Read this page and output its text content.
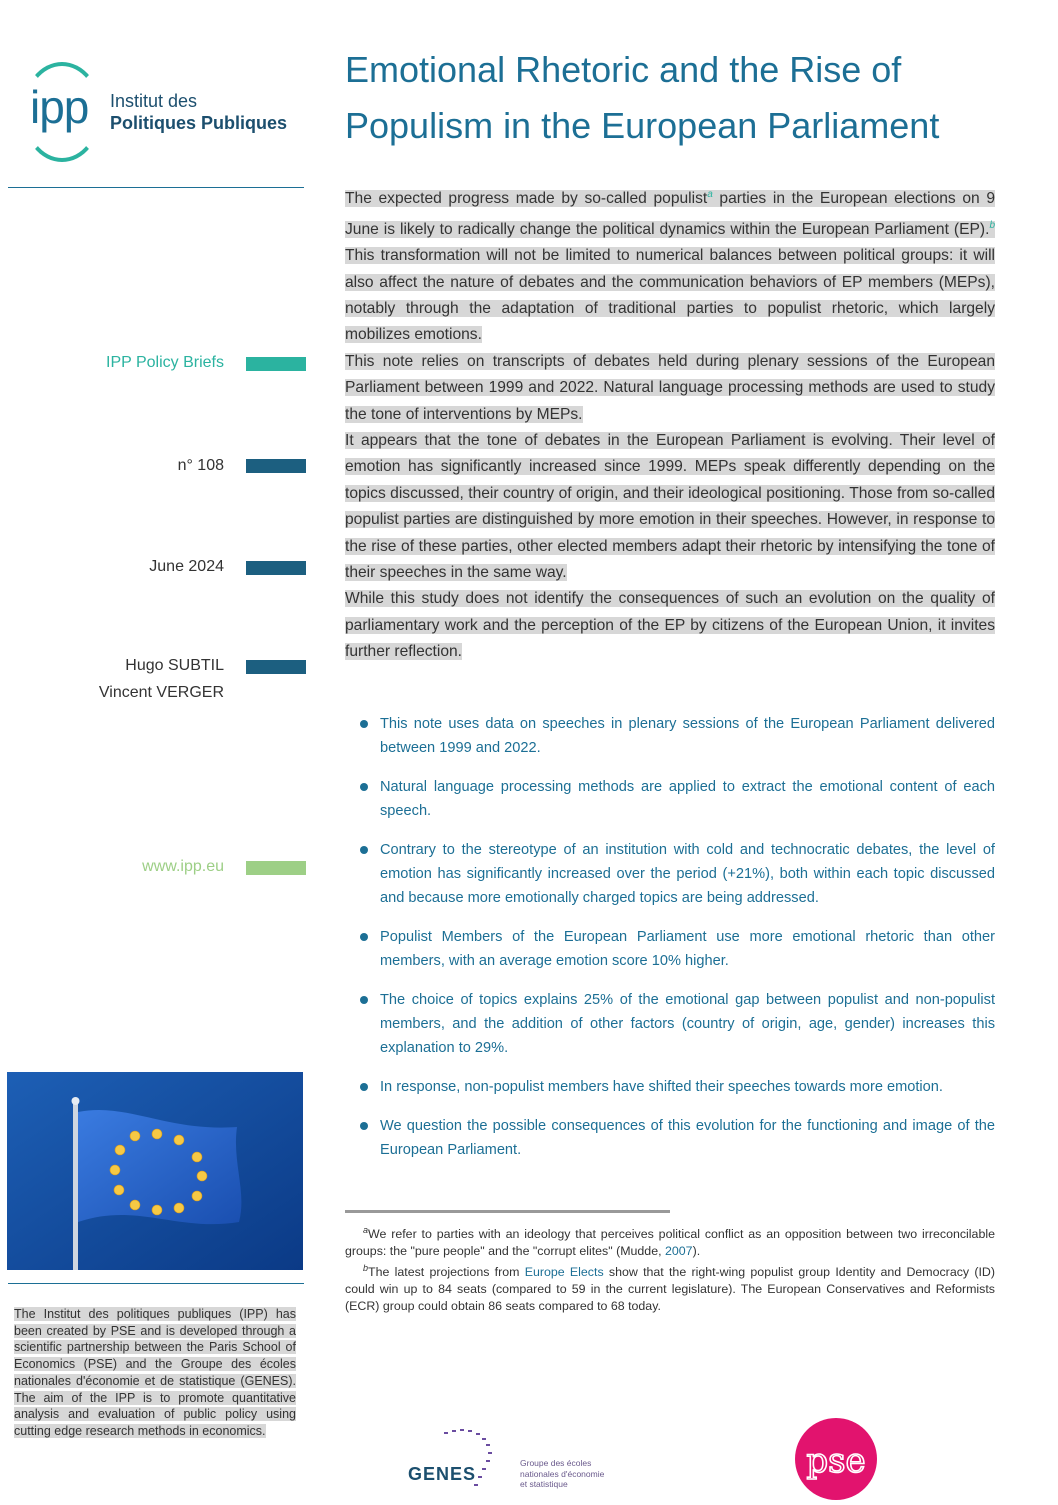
ipp Institut des
Politiques Publiques
IPP Policy Briefs
n° 108
June 2024
Hugo SUBTIL
Vincent VERGER
www.ipp.eu
Emotional Rhetoric and the Rise of Populism in the European Parliament

The expected progress made by so-called populist$^a$ parties in the European elections on 9 June is likely to radically change the political dynamics within the European Parliament (EP).$^b$ This transformation will not be limited to numerical balances between political groups: it will also affect the nature of debates and the communication behaviors of EP members (MEPs), notably through the adaptation of traditional parties to populist rhetoric, which largely mobilizes emotions.

This note relies on transcripts of debates held during plenary sessions of the European Parliament between 1999 and 2022. Natural language processing methods are used to study the tone of interventions by MEPs.

It appears that the tone of debates in the European Parliament is evolving. Their level of emotion has significantly increased since 1999. MEPs speak differently depending on the topics discussed, their country of origin, and their ideological positioning. Those from so-called populist parties are distinguished by more emotion in their speeches. However, in response to the rise of these parties, other elected members adapt their rhetoric by intensifying the tone of their speeches in the same way.

While this study does not identify the consequences of such an evolution on the quality of parliamentary work and the perception of the EP by citizens of the European Union, it invites further reflection.

This note uses data on speeches in plenary sessions of the European Parliament delivered between 1999 and 2022.
Natural language processing methods are applied to extract the emotional content of each speech.
Contrary to the stereotype of an institution with cold and technocratic debates, the level of emotion has significantly increased over the period (+21%), both within each topic discussed and because more emotionally charged topics are being addressed.
Populist Members of the European Parliament use more emotional rhetoric than other members, with an average emotion score 10% higher.
The choice of topics explains 25% of the emotional gap between populist and non-populist members, and the addition of other factors (country of origin, age, gender) increases this explanation to 29%.
In response, non-populist members have shifted their speeches towards more emotion.
We question the possible consequences of this evolution for the functioning and image of the European Parliament.

$^a$We refer to parties with an ideology that perceives political conflict as an opposition between two irreconcilable groups: the "pure people" and the "corrupt elites" (Mudde, 2007).

$^b$The latest projections from Europe Elects show that the right-wing populist group Identity and Democracy (ID) could win up to 84 seats (compared to 59 in the current legislature). The European Conservatives and Reformists (ECR) group could obtain 86 seats compared to 68 today.

The Institut des politiques publiques (IPP) has been created by PSE and is developed through a scientific partnership between the Paris School of Economics (PSE) and the Groupe des écoles nationales d'économie et de statistique (GENES). The aim of the IPP is to promote quantitative analysis and evaluation of public policy using cutting edge research methods in economics.
GENES
Groupe des écoles nationales d'économie et statistique
pse
